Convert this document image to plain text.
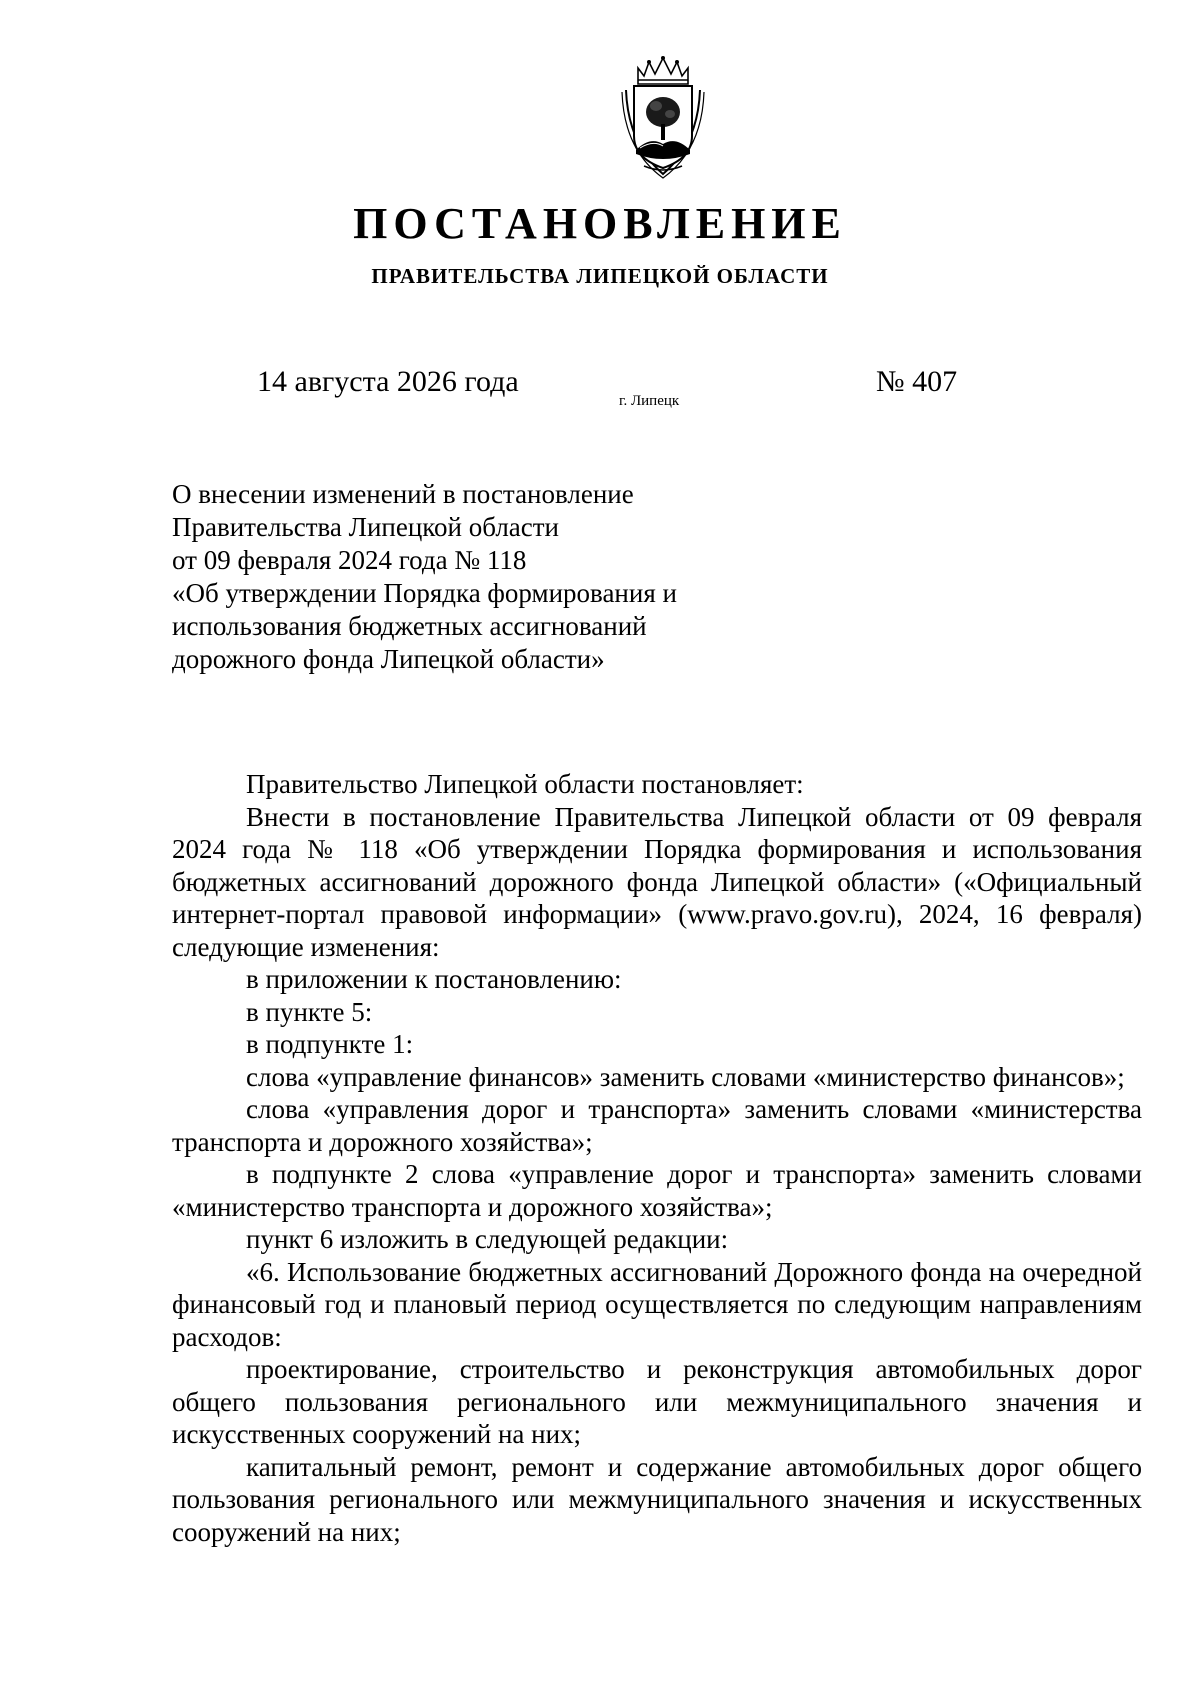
ПОСТАНОВЛЕНИЕ
ПРАВИТЕЛЬСТВА ЛИПЕЦКОЙ ОБЛАСТИ
14 августа 2026 года
г. Липецк
№ 407
О внесении изменений в постановление
Правительства Липецкой области
от 09 февраля 2024 года № 118
«Об утверждении Порядка формирования и
использования бюджетных ассигнований
дорожного фонда Липецкой области»

Правительство Липецкой области постановляет:

Внести в постановление Правительства Липецкой области от 09 февраля 2024 года № 118 «Об утверждении Порядка формирования и использования бюджетных ассигнований дорожного фонда Липецкой области» («Официальный интернет-портал правовой информации» (www.pravo.gov.ru), 2024, 16 февраля) следующие изменения:

в приложении к постановлению:

в пункте 5:

в подпункте 1:

слова «управление финансов» заменить словами «министерство финансов»;

слова «управления дорог и транспорта» заменить словами «министерства транспорта и дорожного хозяйства»;

в подпункте 2 слова «управление дорог и транспорта» заменить словами «министерство транспорта и дорожного хозяйства»;

пункт 6 изложить в следующей редакции:

«6. Использование бюджетных ассигнований Дорожного фонда на очередной финансовый год и плановый период осуществляется по следующим направлениям расходов:

проектирование, строительство и реконструкция автомобильных дорог общего пользования регионального или межмуниципального значения и искусственных сооружений на них;

капитальный ремонт, ремонт и содержание автомобильных дорог общего пользования регионального или межмуниципального значения и искусственных сооружений на них;
